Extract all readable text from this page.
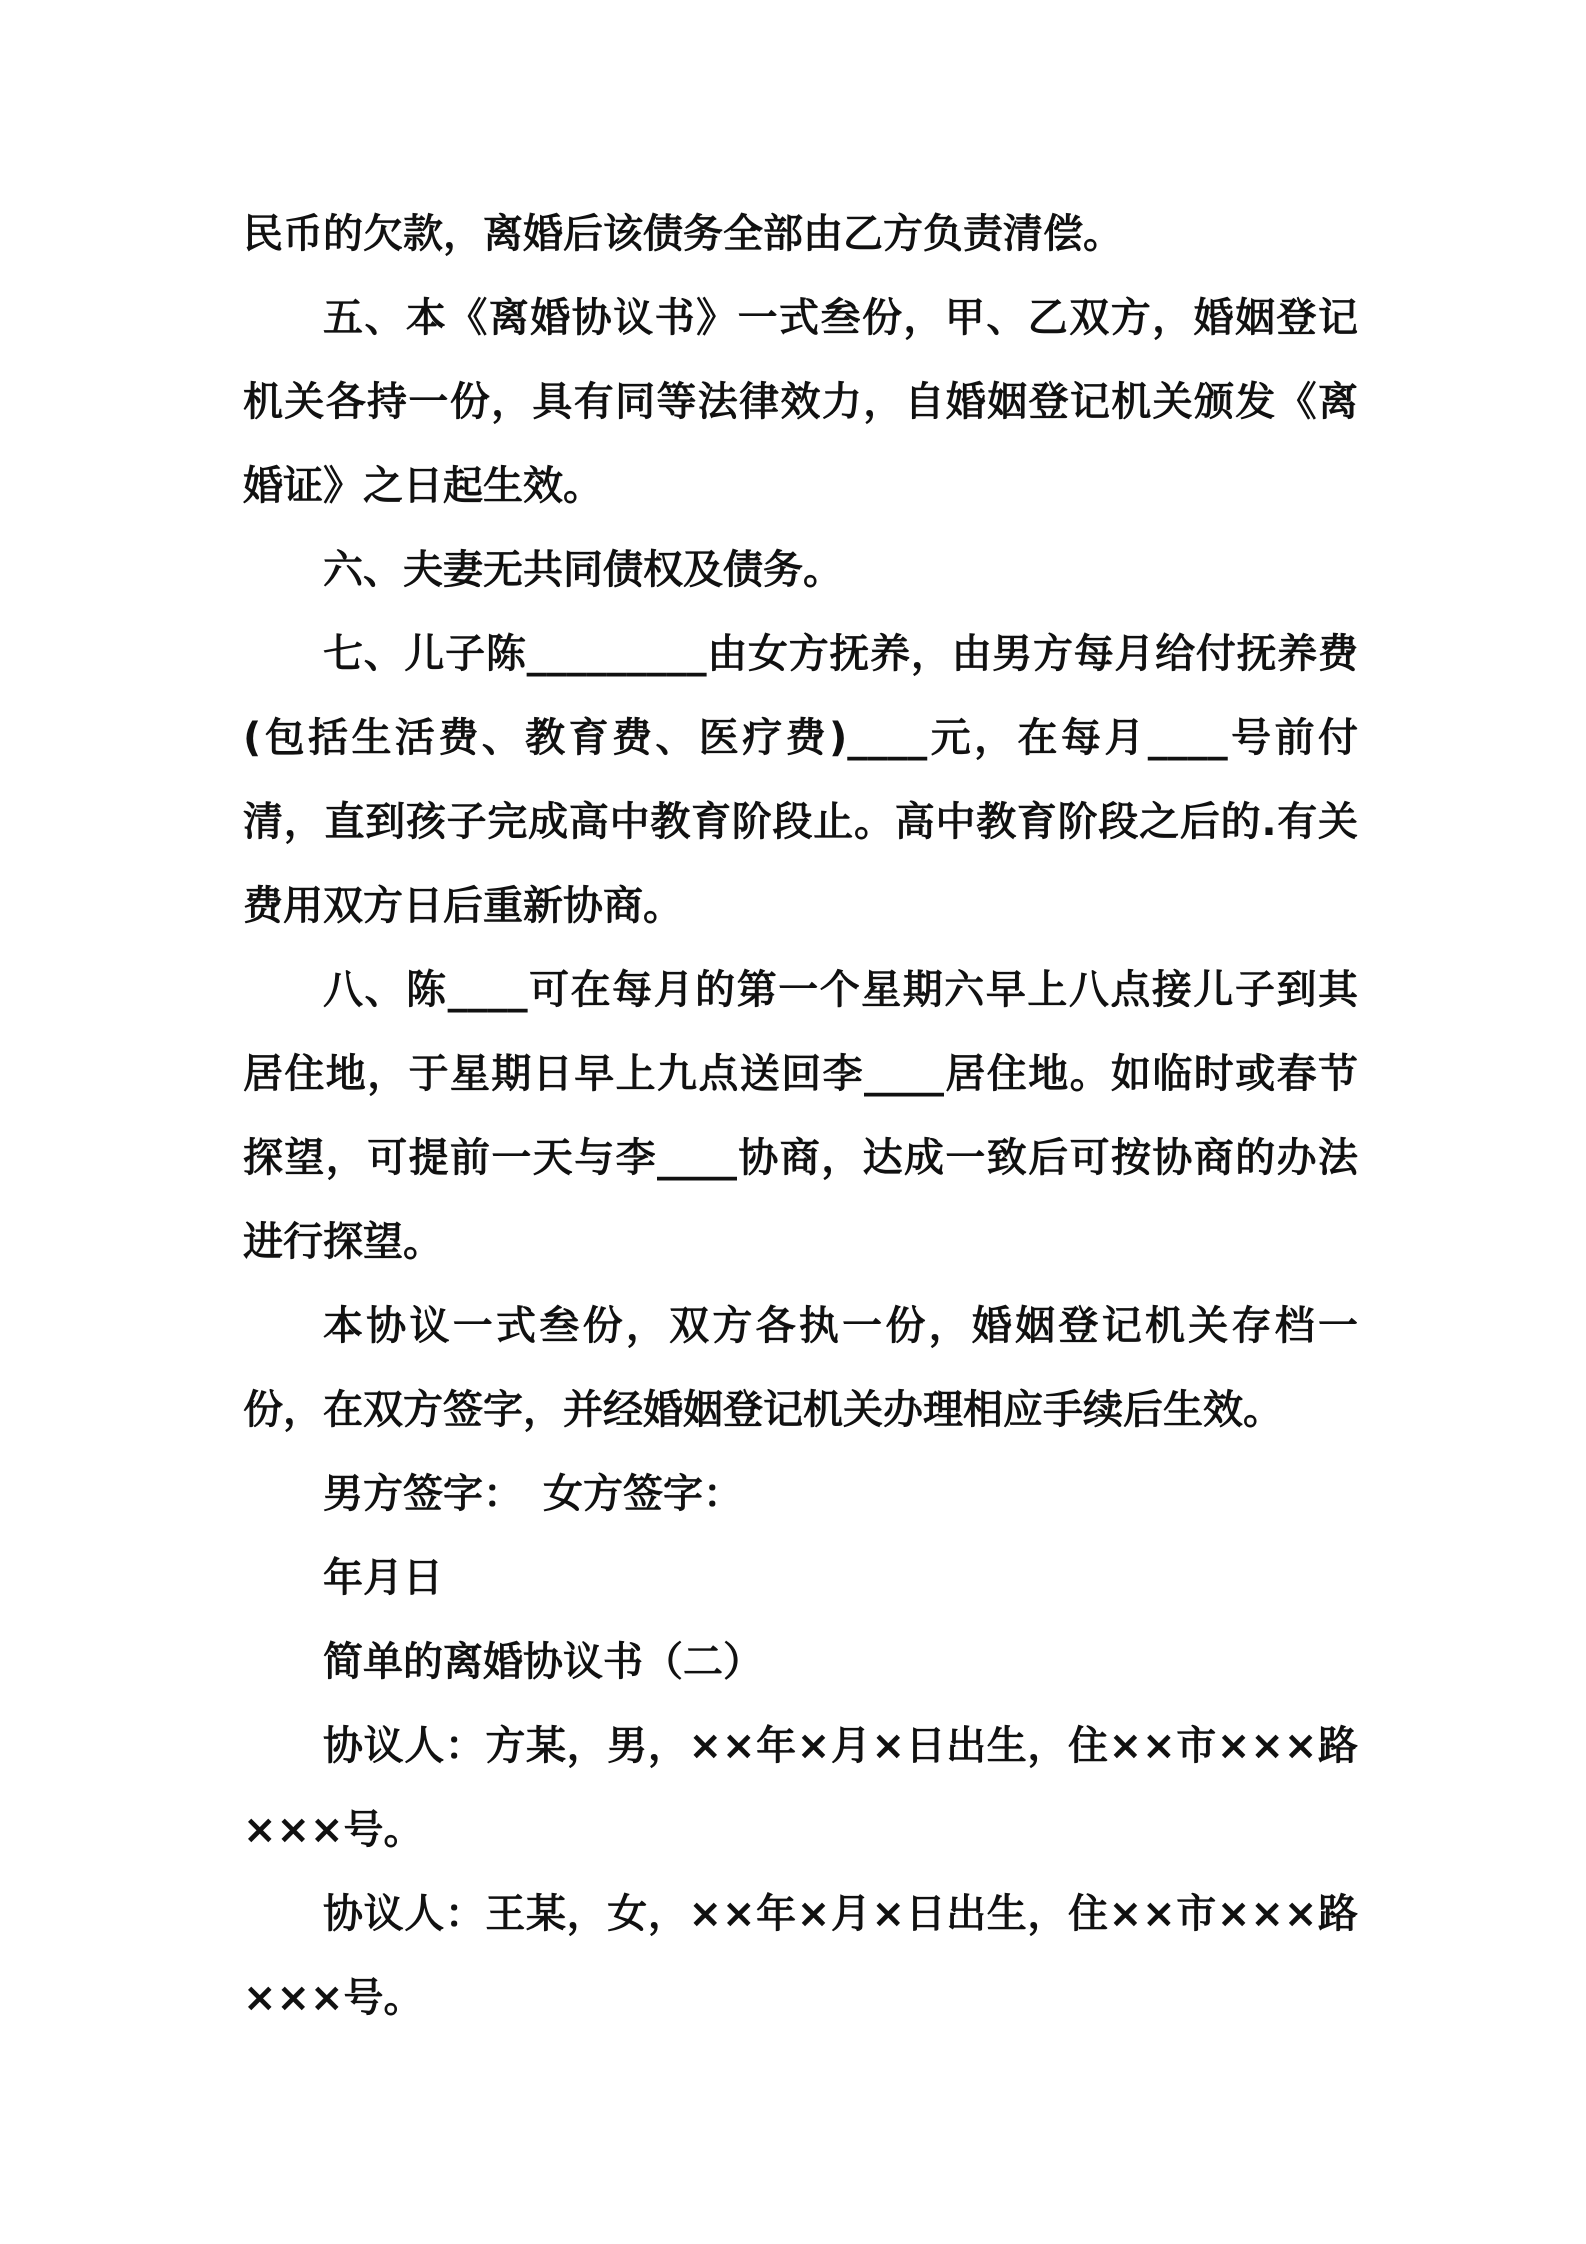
民币的欠款，离婚后该债务全部由乙方负责清偿。

五、本《离婚协议书》一式叁份，甲、乙双方，婚姻登记机关各持一份，具有同等法律效力，自婚姻登记机关颁发《离婚证》之日起生效。

六、夫妻无共同债权及债务。

七、儿子陈_________由女方抚养，由男方每月给付抚养费(包括生活费、教育费、医疗费)____元，在每月____号前付清，直到孩子完成高中教育阶段止。高中教育阶段之后的.有关费用双方日后重新协商。

八、陈____可在每月的第一个星期六早上八点接儿子到其居住地，于星期日早上九点送回李____居住地。如临时或春节探望，可提前一天与李____协商，达成一致后可按协商的办法进行探望。

本协议一式叁份，双方各执一份，婚姻登记机关存档一份，在双方签字，并经婚姻登记机关办理相应手续后生效。

男方签字：　女方签字：

年月日

简单的离婚协议书（二）

协议人：方某，男，××年×月×日出生，住××市×××路×××号。

协议人：王某，女，××年×月×日出生，住××市×××路×××号。
